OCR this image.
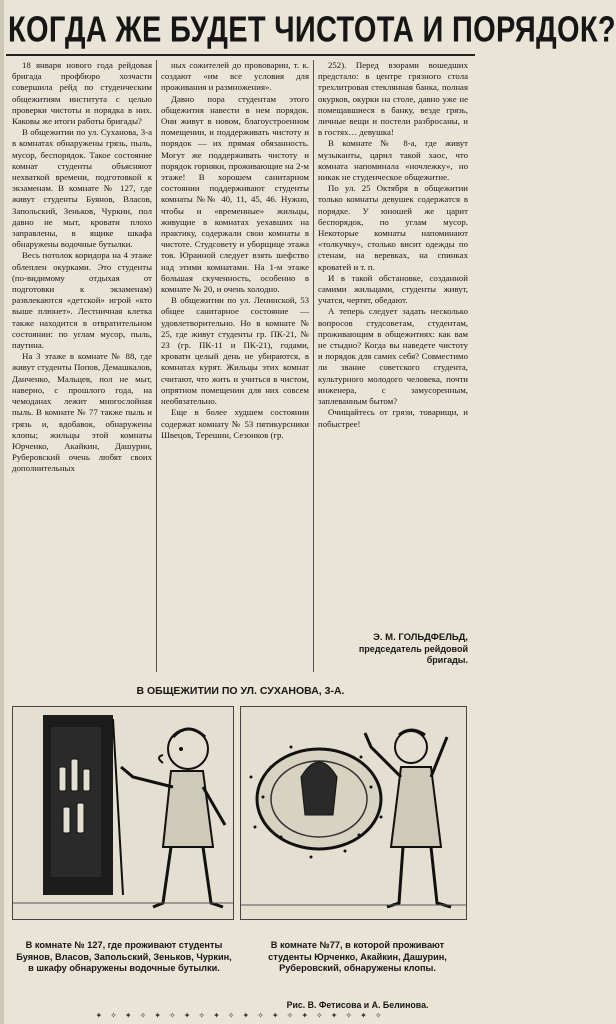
КОГДА ЖЕ БУДЕТ ЧИСТОТА И ПОРЯДОК?

18 января нового года рейдовая бригада профбюро хозчасти совершила рейд по студенческим общежитиям института с целью проверки чистоты и порядка в них. Каковы же итоги работы бригады?

В общежитии по ул. Суханова, 3-а в комнатах обнаружены грязь, пыль, мусор, беспорядок. Такое состояние комнат студенты объясняют нехваткой времени, подготовкой к экзаменам. В комнате № 127, где живут студенты Буянов, Власов, Запольский, Зеньков, Чуркин, пол давно не мыт, кровати плохо заправлены, в ящике шкафа обнаружены водочные бутылки.

Весь потолок коридора на 4 этаже облеплен окурками. Это студенты (по-видимому отдыхая от подготовки к экзаменам) развлекаются «детской» игрой «кто выше плюнет». Лестничная клетка также находится в отвратительном состоянии: по углам мусор, пыль, паутина.

На 3 этаже в комнате № 88, где живут студенты Попов, Демашкалов, Данченко, Мальцев, пол не мыт, наверно, с прошлого года, на чемоданах лежит многослойная пыль. В комнате № 77 также пыль и грязь и, вдобавок, обнаружены клопы; жильцы этой комнаты Юрченко, Акайкин, Дашурин, Руберовский очень любят своих дополнительных

ных сожителей до прововарин, т. к. создают «им все условия для проживания и размножения».

Давно пора студентам этого общежития навести в нем порядок. Они живут в новом, благоустроенном помещении, и поддерживать чистоту и порядок — их прямая обязанность. Могут же поддерживать чистоту и порядок горняки, проживающие на 2-м этаже! В хорошем санитарном состоянии поддерживают студенты комнаты №№ 40, 11, 45, 46. Нужно, чтобы и «временные» жильцы, живущие в комнатах уехавших на практику, содержали свои комнаты в чистоте. Студсовету и уборщице этажа тов. Юраиной следует взять шефство над этими комнатами. На 1-м этаже большая скученность, особенно в комнате № 20, и очень холодно.

В общежитии по ул. Ленинской, 53 общее санитарное состояние — удовлетворительно. Но в комнате № 25, где живут студенты гр. ПК-21, № 23 (гр. ПК-11 и ПК-21), годами, кровати целый день не убираются, в комнатах курят. Жильцы этих комнат считают, что жить и учиться в чистом, опрятном помещении для них совсем необязательно.

Еще в более худшем состоянии содержат комнату № 53 пятикурсники Швецов, Терешин, Сезонков (гр.

252). Перед взорами вошедших предстало: в центре грязного стола трехлитровая стеклянная банка, полная окурков, окурки на столе, давно уже не помещавшиеся в банку, везде грязь, личные вещи и постели разбросаны, и в гостях… девушка!

В комнате № 8-а, где живут музыканты, царил такой хаос, что комната напоминала «ночлежку», но никак не студенческое общежитие.

По ул. 25 Октября в общежитии только комнаты девушек содержатся в порядке. У юношей же царит беспорядок, по углам мусор. Некоторые комнаты напоминают «толкучку», столько висит одежды по стенам, на веревках, на спинках кроватей и т. п.

И в такой обстановке, созданной самими жильцами, студенты живут, учатся, чертят, обедают.

А теперь следует задать несколько вопросов студсоветам, студентам, проживающим в общежитиях: как вам не стыдно? Когда вы наведете чистоту и порядок для самих себя? Совместимо ли звание советского студента, культурного молодого человека, почти инженера, с замусоренным, заплеванным бытом?

Очищайтесь от грязи, товарищи, и побыстрее!

Э. М. ГОЛЬДФЕЛЬД,
председатель рейдовой бригады.
В ОБЩЕЖИТИИ ПО УЛ. СУХАНОВА, 3-А.
В комнате № 127, где проживают студенты Буянов, Власов, Запольский, Зеньков, Чуркин, в шкафу обнаружены водочные бутылки.
В комнате №77, в которой проживают студенты Юрченко, Акайкин, Дашурин, Руберовский, обнаружены клопы.
Рис. В. Фетисова и А. Белинова.
✦ ✧ ✦ ✧ ✦ ✧ ✦ ✧ ✦ ✧ ✦ ✧ ✦ ✧ ✦ ✧ ✦ ✧ ✦ ✧
